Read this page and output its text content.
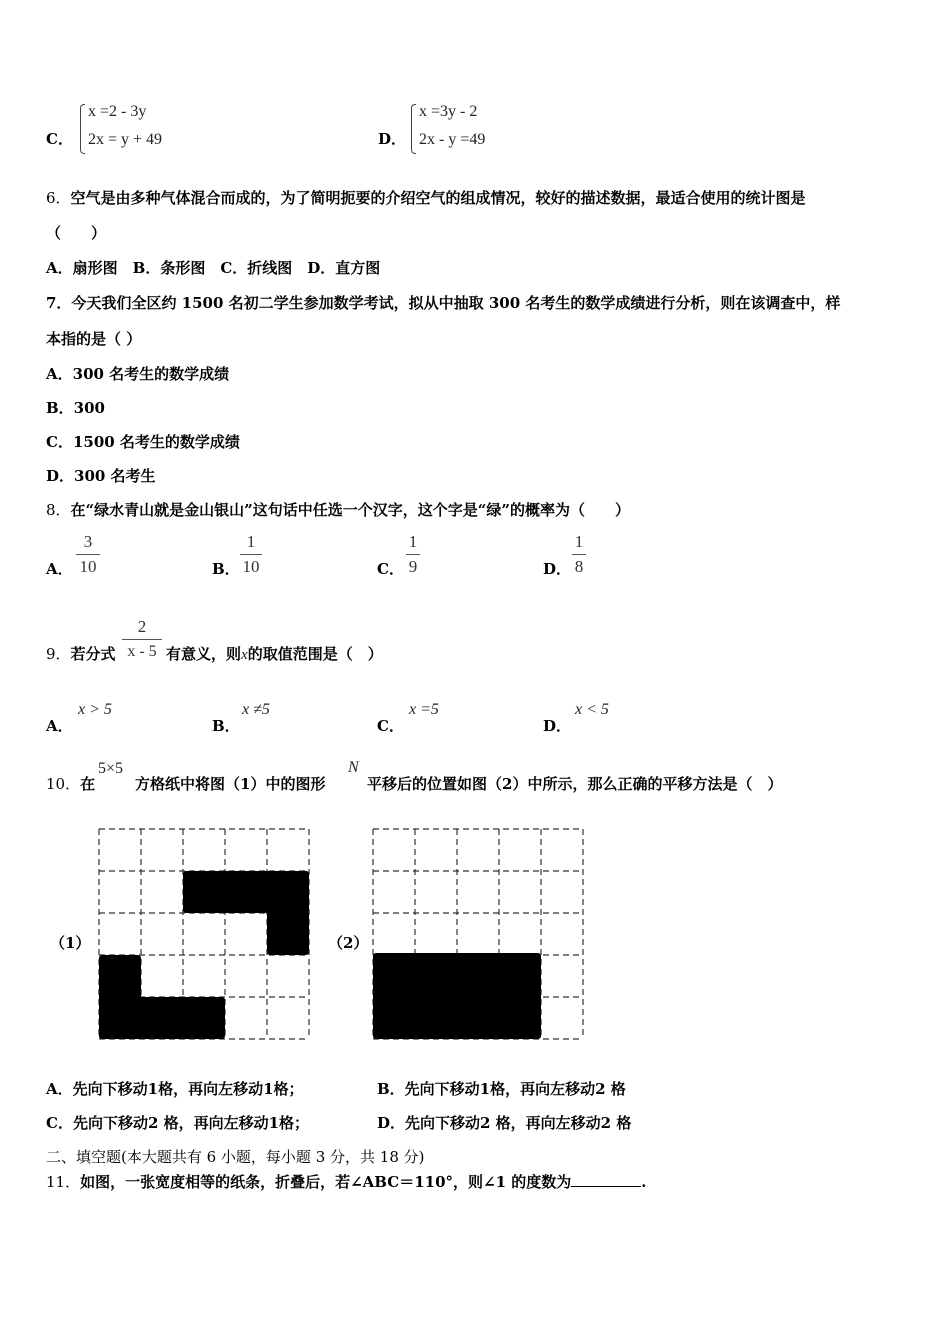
C．
x =2 - 3y
2x = y + 49	D．
x =3y - 2
2x - y =49
6．空气是由多种气体混合而成的，为了简明扼要的介绍空气的组成情况，较好的描述数据，最适合使用的统计图是
（　　）
A．扇形图　B．条形图　C．折线图　D．直方图
7．今天我们全区约 1500 名初二学生参加数学考试，拟从中抽取 300 名考生的数学成绩进行分析，则在该调查中，样
本指的是（ ）
A．300 名考生的数学成绩
B．300
C．1500 名考生的数学成绩
D．300 名考生
8．在“绿水青山就是金山银山”这句话中任选一个汉字，这个字是“绿”的概率为（　　）
A．
3
10	B．
1
10	C．
1
9	D．
1
8
9．若分式
2
x - 5 有意义，则x的取值范围是（　）
A．
x > 5
B．
x ≠5
C．
x =5
D．
x < 5
10．在
5×5
方格纸中将图（1）中的图形
N
平移后的位置如图（2）中所示，那么正确的平移方法是（　）
（1）	（2）
A．先向下移动1格，再向左移动1格；	B．先向下移动1格，再向左移动2 格
C．先向下移动2 格，再向左移动1格；	D．先向下移动2 格，再向左移动2 格
二、填空题(本大题共有 6 小题，每小题 3 分，共 18 分)
11．如图，一张宽度相等的纸条，折叠后，若∠ABC＝110°，则∠1 的度数为	.
